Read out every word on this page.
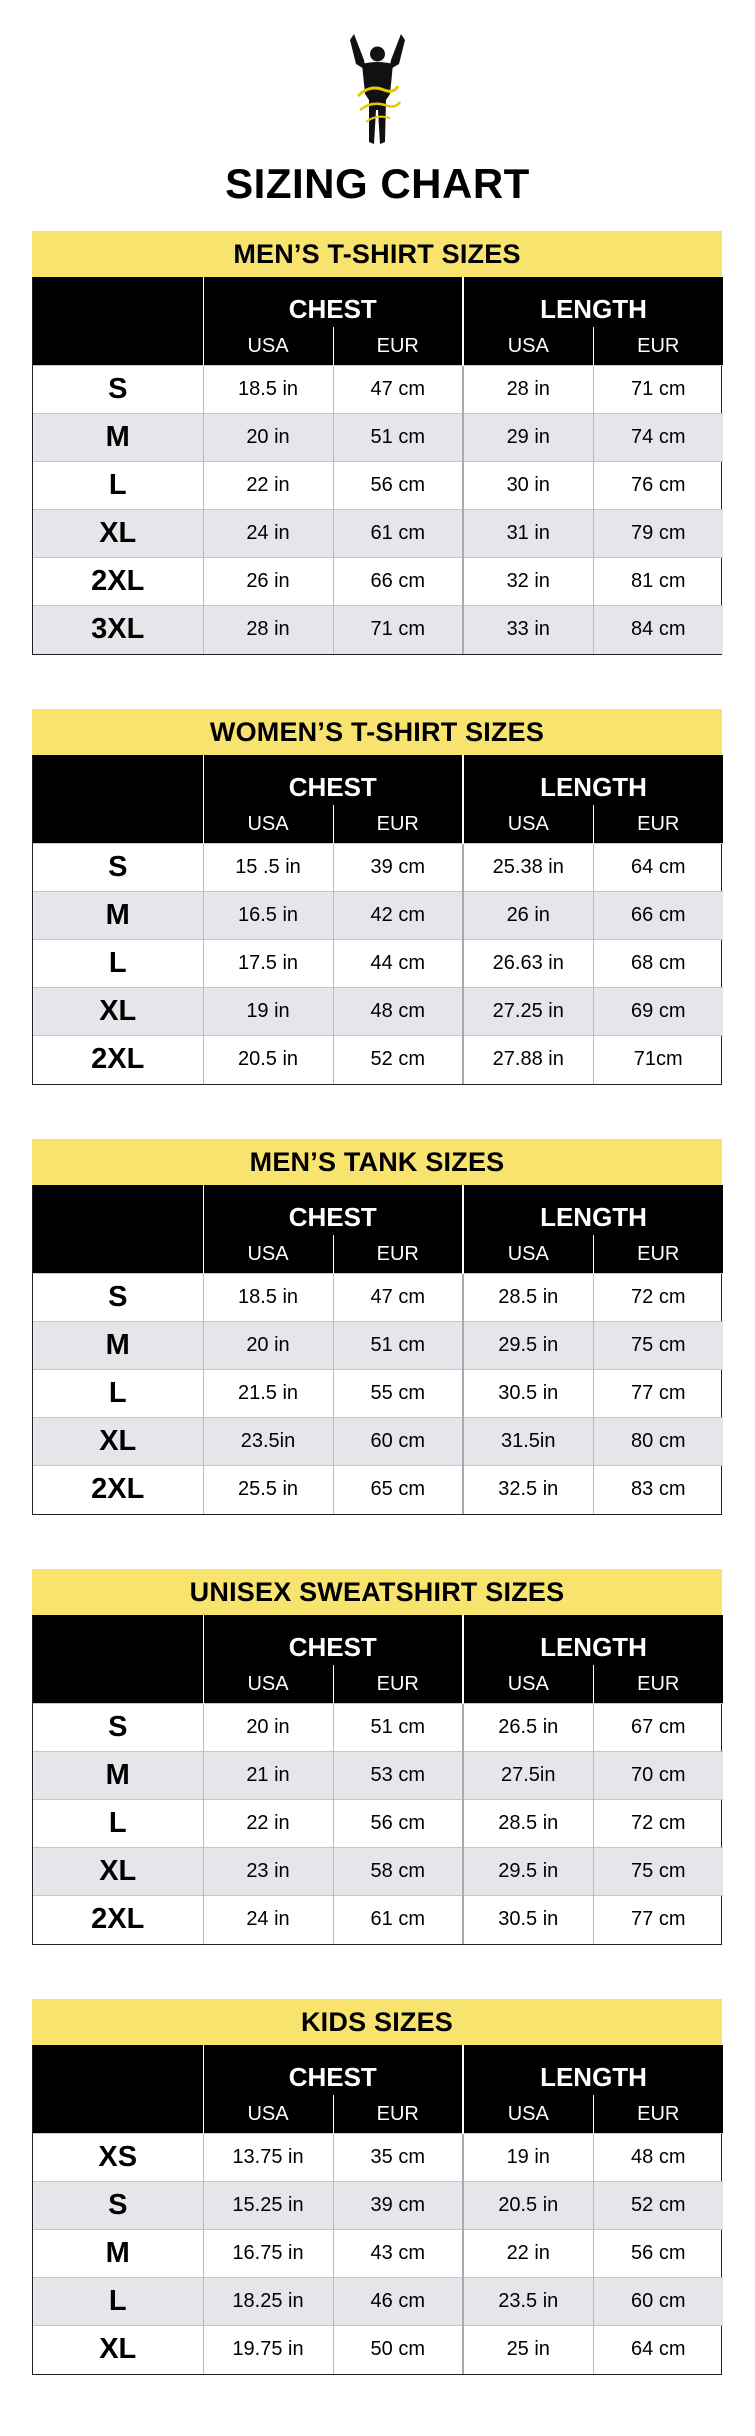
SIZING CHART
MEN’S T-SHIRT SIZES
	CHEST		LENGTH	
	USA	EUR	USA	EUR
S	18.5 in	47 cm	28 in	71 cm
M	20 in	51 cm	29 in	74 cm
L	22 in	56 cm	30 in	76 cm
XL	24 in	61 cm	31 in	79 cm
2XL	26 in	66 cm	32 in	81 cm
3XL	28 in	71 cm	33 in	84 cm
WOMEN’S T-SHIRT SIZES
	CHEST		LENGTH	
	USA	EUR	USA	EUR
S	15 .5 in	39 cm	25.38 in	64 cm
M	16.5 in	42 cm	26 in	66 cm
L	17.5 in	44 cm	26.63 in	68 cm
XL	19 in	48 cm	27.25 in	69 cm
2XL	20.5 in	52 cm	27.88 in	71cm
MEN’S TANK SIZES
	CHEST		LENGTH	
	USA	EUR	USA	EUR
S	18.5 in	47 cm	28.5 in	72 cm
M	20 in	51 cm	29.5 in	75 cm
L	21.5 in	55 cm	30.5 in	77 cm
XL	23.5in	60 cm	31.5in	80 cm
2XL	25.5 in	65 cm	32.5 in	83 cm
UNISEX SWEATSHIRT SIZES
	CHEST		LENGTH	
	USA	EUR	USA	EUR
S	20 in	51 cm	26.5 in	67 cm
M	21 in	53 cm	27.5in	70 cm
L	22 in	56 cm	28.5 in	72 cm
XL	23 in	58 cm	29.5 in	75 cm
2XL	24 in	61 cm	30.5 in	77 cm
KIDS SIZES
	CHEST		LENGTH	
	USA	EUR	USA	EUR
XS	13.75 in	35 cm	19 in	48 cm
S	15.25 in	39 cm	20.5 in	52 cm
M	16.75 in	43 cm	22 in	56 cm
L	18.25 in	46 cm	23.5 in	60 cm
XL	19.75 in	50 cm	25 in	64 cm
